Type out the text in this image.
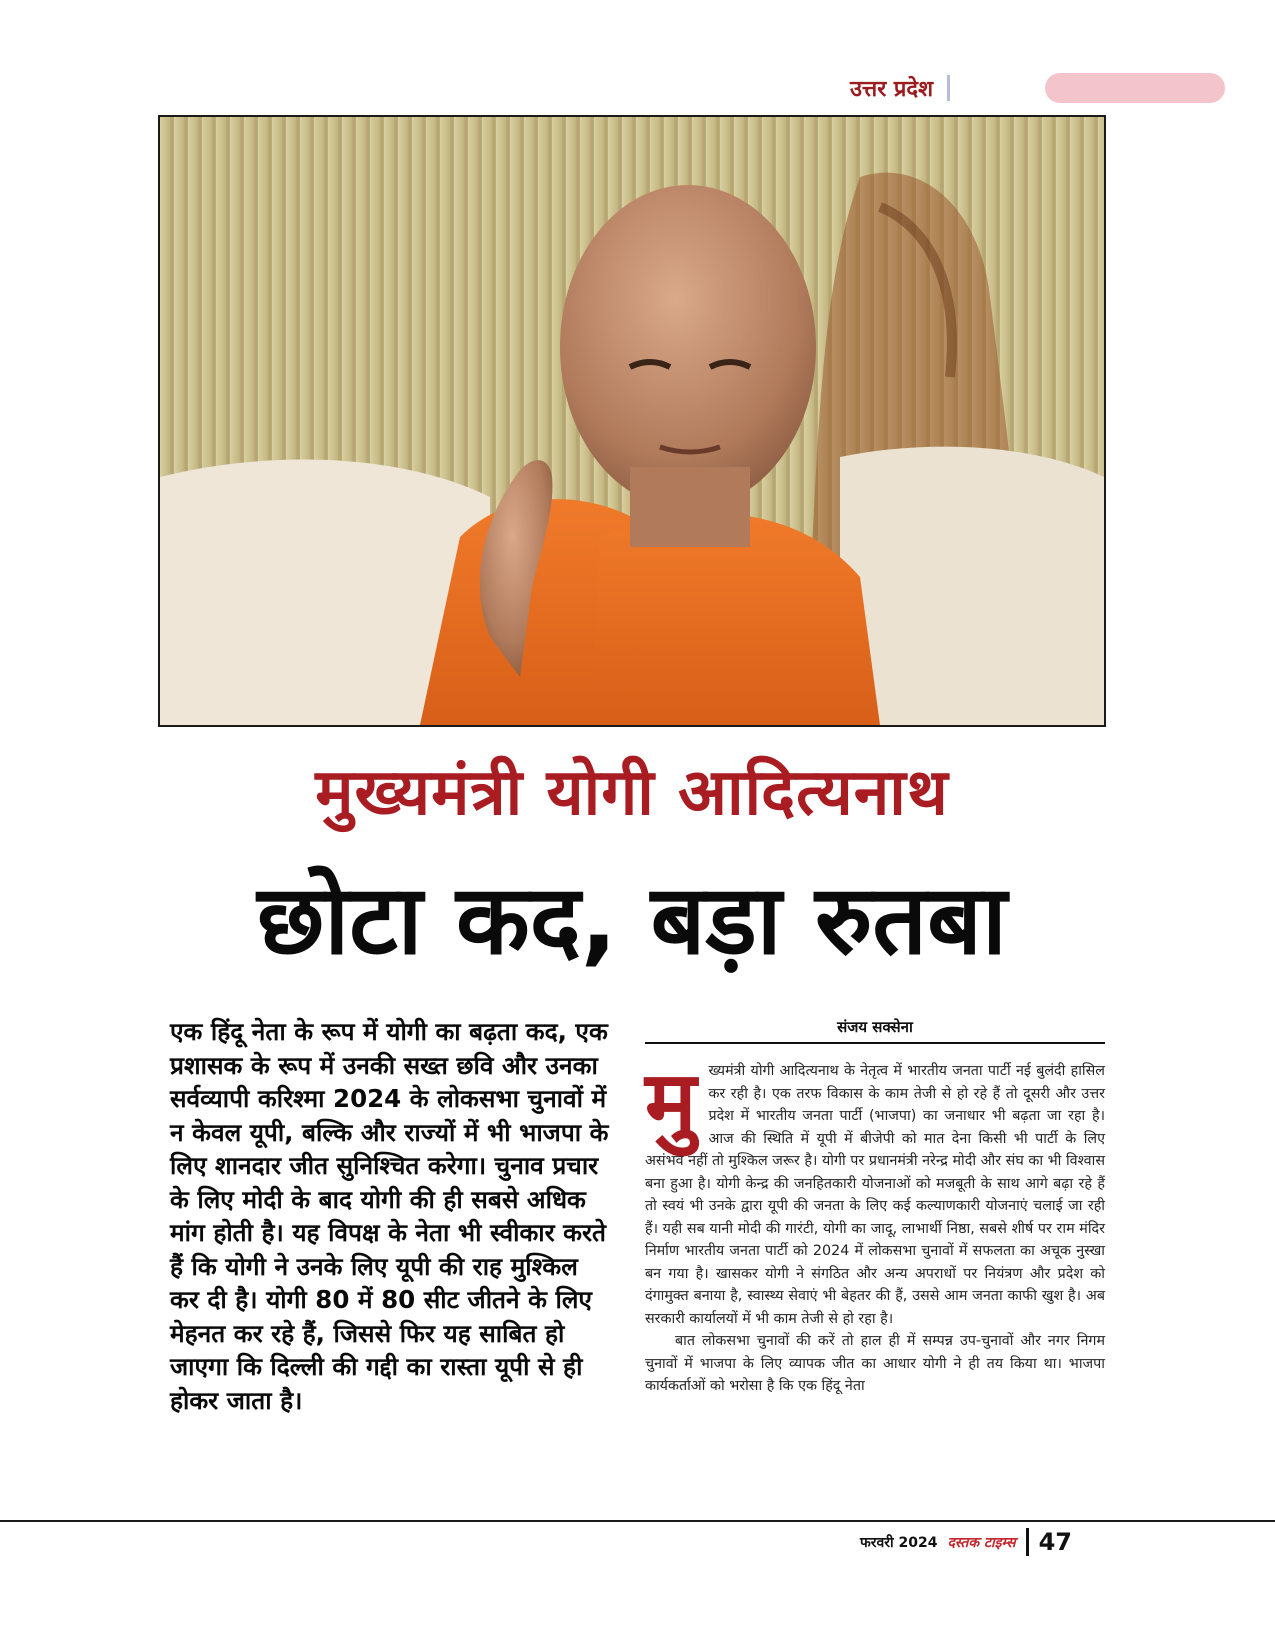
उत्तर प्रदेश
मुख्यमंत्री योगी आदित्यनाथ
छोटा कद, बड़ा रुतबा
एक हिंदू नेता के रूप में योगी का बढ़ता कद, एक प्रशासक के रूप में उनकी सख्त छवि और उनका सर्वव्यापी करिश्मा 2024 के लोकसभा चुनावों में न केवल यूपी, बल्कि और राज्यों में भी भाजपा के लिए शानदार जीत सुनिश्चित करेगा। चुनाव प्रचार के लिए मोदी के बाद योगी की ही सबसे अधिक मांग होती है। यह विपक्ष के नेता भी स्वीकार करते हैं कि योगी ने उनके लिए यूपी की राह मुश्किल कर दी है। योगी 80 में 80 सीट जीतने के लिए मेहनत कर रहे हैं, जिससे फिर यह साबित हो जाएगा कि दिल्ली की गद्दी का रास्ता यूपी से ही होकर जाता है।
संजय सक्सेना

मुख्यमंत्री योगी आदित्यनाथ के नेतृत्व में भारतीय जनता पार्टी नई बुलंदी हासिल कर रही है। एक तरफ विकास के काम तेजी से हो रहे हैं तो दूसरी और उत्तर प्रदेश में भारतीय जनता पार्टी (भाजपा) का जनाधार भी बढ़ता जा रहा है। आज की स्थिति में यूपी में बीजेपी को मात देना किसी भी पार्टी के लिए असंभव नहीं तो मुश्किल जरूर है। योगी पर प्रधानमंत्री नरेन्द्र मोदी और संघ का भी विश्वास बना हुआ है। योगी केन्द्र की जनहितकारी योजनाओं को मजबूती के साथ आगे बढ़ा रहे हैं तो स्वयं भी उनके द्वारा यूपी की जनता के लिए कई कल्याणकारी योजनाएं चलाई जा रही हैं। यही सब यानी मोदी की गारंटी, योगी का जादू, लाभार्थी निष्ठा, सबसे शीर्ष पर राम मंदिर निर्माण भारतीय जनता पार्टी को 2024 में लोकसभा चुनावों में सफलता का अचूक नुस्खा बन गया है। खासकर योगी ने संगठित और अन्य अपराधों पर नियंत्रण और प्रदेश को दंगामुक्त बनाया है, स्वास्थ्य सेवाएं भी बेहतर की हैं, उससे आम जनता काफी खुश है। अब सरकारी कार्यालयों में भी काम तेजी से हो रहा है।

बात लोकसभा चुनावों की करें तो हाल ही में सम्पन्न उप-चुनावों और नगर निगम चुनावों में भाजपा के लिए व्यापक जीत का आधार योगी ने ही तय किया था। भाजपा कार्यकर्ताओं को भरोसा है कि एक हिंदू नेता

फरवरी 2024 दस्तक टाइम्स 47
